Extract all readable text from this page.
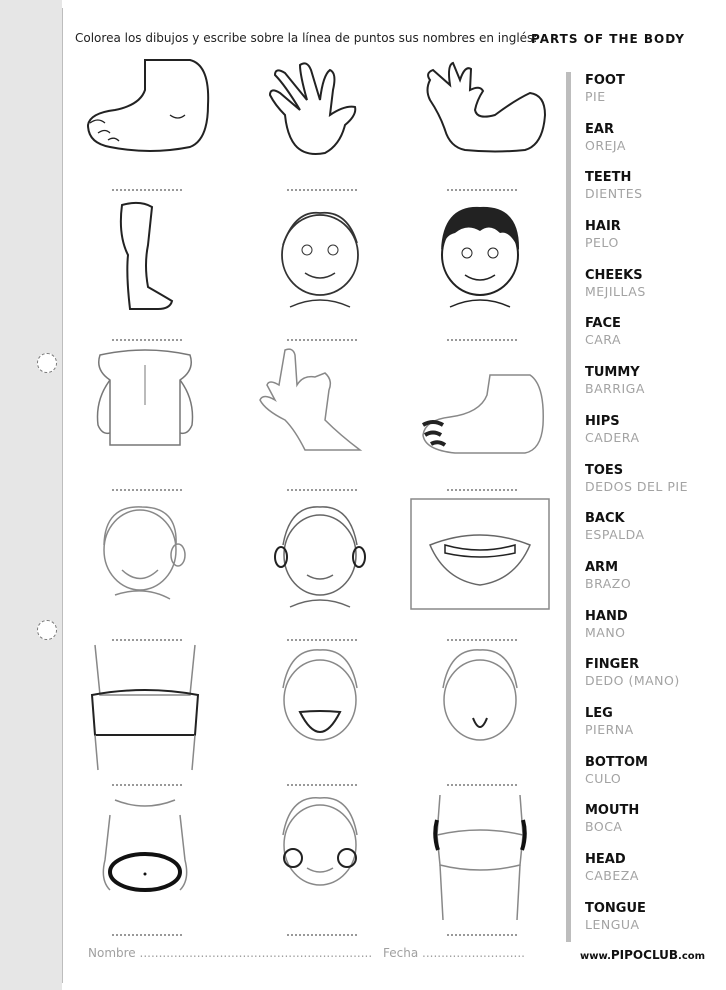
Colorea los dibujos y escribe sobre la línea de puntos sus nombres en inglés:
PARTS OF THE BODY
FOOT
PIE
EAR
OREJA
TEETH
DIENTES
HAIR
PELO
CHEEKS
MEJILLAS
FACE
CARA
TUMMY
BARRIGA
HIPS
CADERA
TOES
DEDOS DEL PIE
BACK
ESPALDA
ARM
BRAZO
HAND
MANO
FINGER
DEDO (MANO)
LEG
PIERNA
BOTTOM
CULO
MOUTH
BOCA
HEAD
CABEZA
TONGUE
LENGUA
Nombre ............................................................. Fecha ...........................	www.PIPOCLUB.com
